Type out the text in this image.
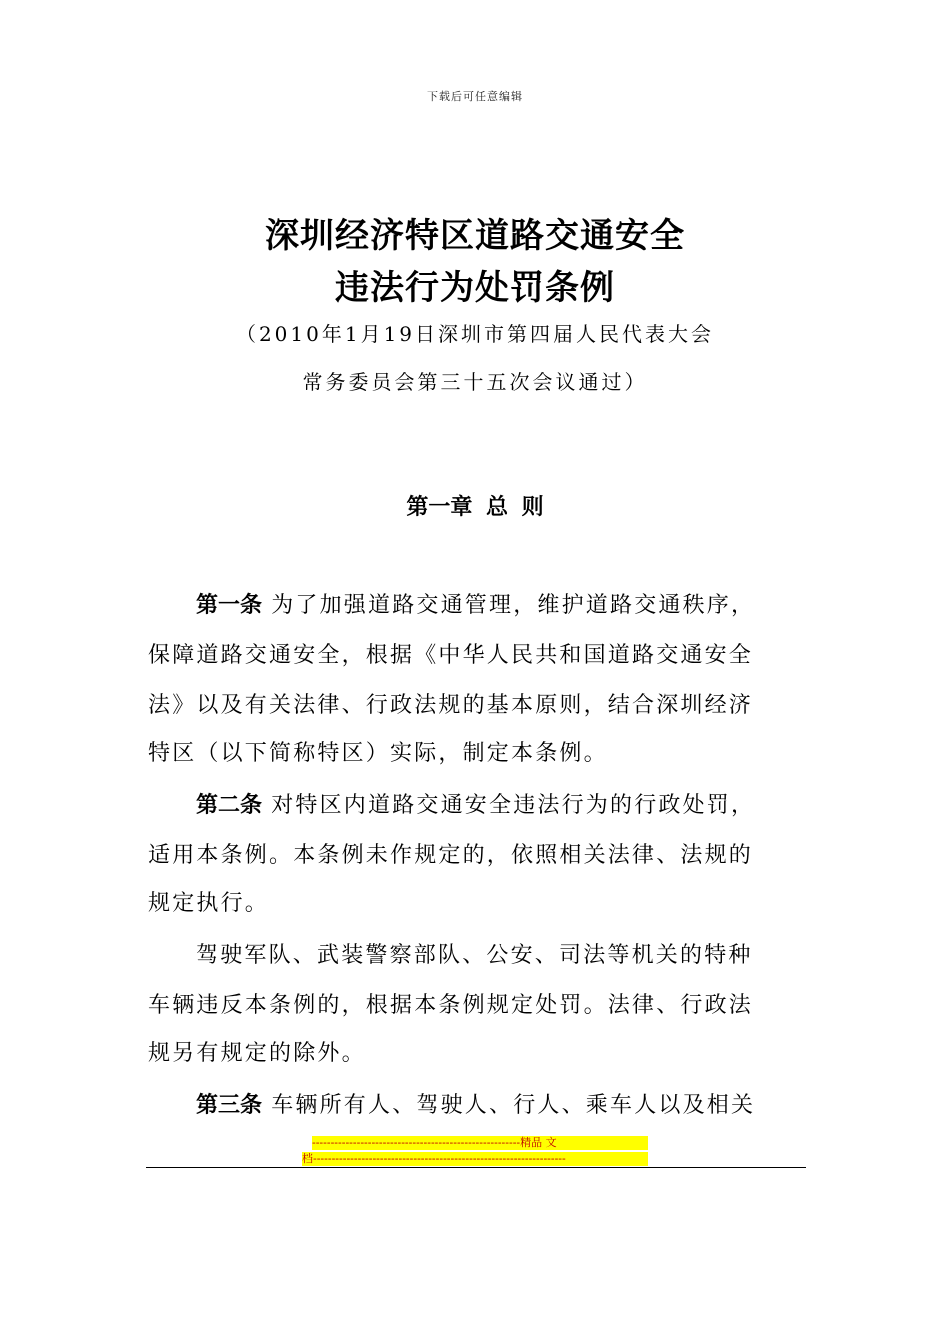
下载后可任意编辑
深圳经济特区道路交通安全
违法行为处罚条例
（2010年1月19日深圳市第四届人民代表大会
常务委员会第三十五次会议通过）
第一章 总 则
第一条 为了加强道路交通管理，维护道路交通秩序，
保障道路交通安全，根据《中华人民共和国道路交通安全
法》以及有关法律、行政法规的基本原则，结合深圳经济
特区（以下简称特区）实际，制定本条例。
第二条 对特区内道路交通安全违法行为的行政处罚，
适用本条例。本条例未作规定的，依照相关法律、法规的
规定执行。
驾驶军队、武装警察部队、公安、司法等机关的特种
车辆违反本条例的，根据本条例规定处罚。法律、行政法
规另有规定的除外。
第三条 车辆所有人、驾驶人、行人、乘车人以及相关
--------------------------------------------------------精品 文
档--------------------------------------------------------------------
